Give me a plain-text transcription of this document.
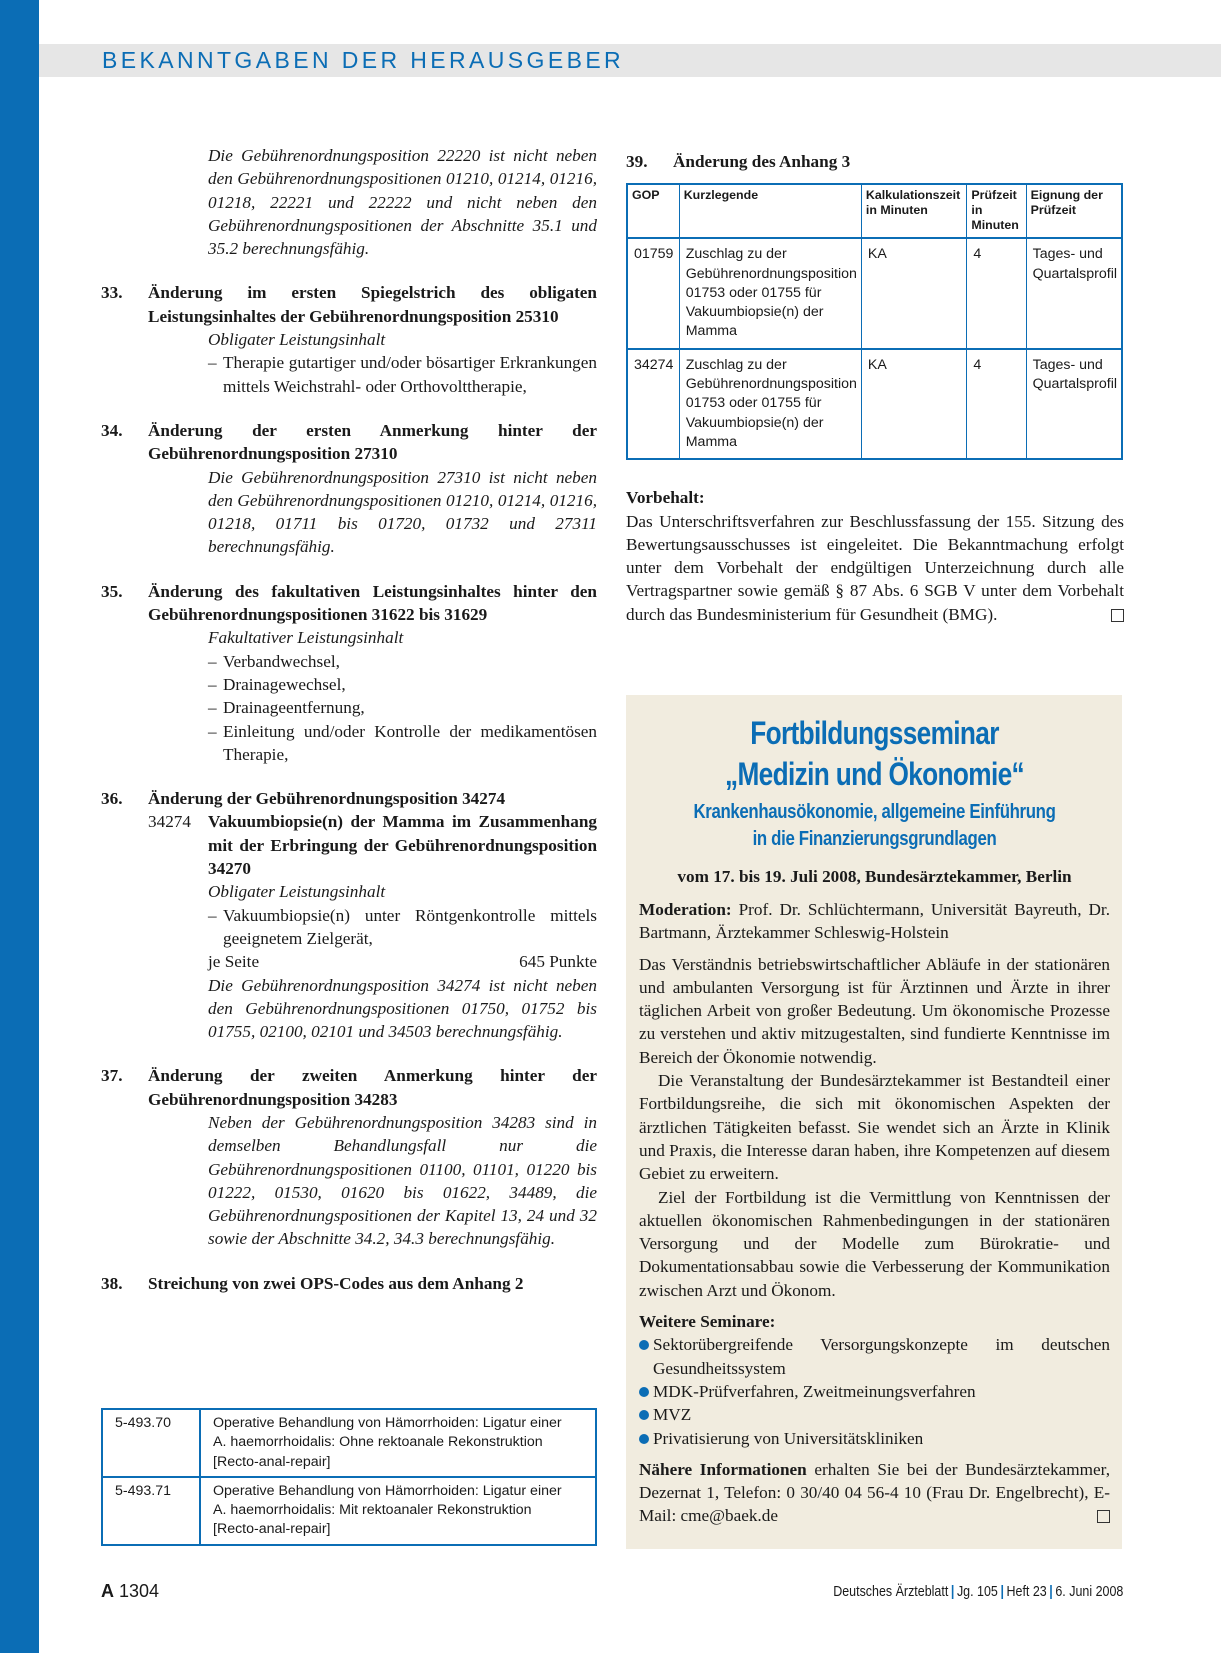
BEKANNTGABEN DER HERAUSGEBER
Die Gebührenordnungsposition 22220 ist nicht neben den Gebührenordnungspositionen 01210, 01214, 01216, 01218, 22221 und 22222 und nicht neben den Gebührenordnungspositionen der Abschnitte 35.1 und 35.2 berechnungsfähig.
33. Änderung im ersten Spiegelstrich des obligaten Leistungsinhaltes der Gebührenordnungsposition 25310
Obligater Leistungsinhalt
– Therapie gutartiger und/oder bösartiger Erkrankungen mittels Weichstrahl- oder Orthovolttherapie,
34. Änderung der ersten Anmerkung hinter der Gebührenordnungsposition 27310
Die Gebührenordnungsposition 27310 ist nicht neben den Gebührenordnungspositionen 01210, 01214, 01216, 01218, 01711 bis 01720, 01732 und 27311 berechnungsfähig.
35. Änderung des fakultativen Leistungsinhaltes hinter den Gebührenordnungspositionen 31622 bis 31629
Fakultativer Leistungsinhalt
– Verbandwechsel,
– Drainagewechsel,
– Drainageentfernung,
– Einleitung und/oder Kontrolle der medikamentösen Therapie,
36. Änderung der Gebührenordnungsposition 34274
34274 Vakuumbiopsie(n) der Mamma im Zusammenhang mit der Erbringung der Gebührenordnungsposition 34270
Obligater Leistungsinhalt
– Vakuumbiopsie(n) unter Röntgenkontrolle mittels geeignetem Zielgerät,
je Seite	645 Punkte
Die Gebührenordnungsposition 34274 ist nicht neben den Gebührenordnungspositionen 01750, 01752 bis 01755, 02100, 02101 und 34503 berechnungsfähig.
37. Änderung der zweiten Anmerkung hinter der Gebührenordnungsposition 34283
Neben der Gebührenordnungsposition 34283 sind in demselben Behandlungsfall nur die Gebührenordnungspositionen 01100, 01101, 01220 bis 01222, 01530, 01620 bis 01622, 34489, die Gebührenordnungspositionen der Kapitel 13, 24 und 32 sowie der Abschnitte 34.2, 34.3 berechnungsfähig.
38. Streichung von zwei OPS-Codes aus dem Anhang 2
5-493.70	Operative Behandlung von Hämorrhoiden: Ligatur einer
A. haemorrhoidalis: Ohne rektoanale Rekonstruktion
[Recto-anal-repair]

5-493.71	Operative Behandlung von Hämorrhoiden: Ligatur einer
A. haemorrhoidalis: Mit rektoanaler Rekonstruktion
[Recto-anal-repair]
39. Änderung des Anhang 3
GOP	Kurzlegende	Kalkulationszeit in Minuten	Prüfzeit in Minuten	Eignung der Prüfzeit
01759	Zuschlag zu der Gebührenordnungsposition 01753 oder 01755 für Vakuumbiopsie(n) der Mamma	KA	4	Tages- und Quartalsprofil
34274	Zuschlag zu der Gebührenordnungsposition 01753 oder 01755 für Vakuumbiopsie(n) der Mamma	KA	4	Tages- und Quartalsprofil
Vorbehalt:
Das Unterschriftsverfahren zur Beschlussfassung der 155. Sitzung des Bewertungsausschusses ist eingeleitet. Die Bekanntmachung erfolgt unter dem Vorbehalt der endgültigen Unterzeichnung durch alle Vertragspartner sowie gemäß § 87 Abs. 6 SGB V unter dem Vorbehalt durch das Bundesministerium für Gesundheit (BMG).
Fortbildungsseminar
„Medizin und Ökonomie“
Krankenhausökonomie, allgemeine Einführung
in die Finanzierungsgrundlagen
vom 17. bis 19. Juli 2008, Bundesärztekammer, Berlin
Moderation: Prof. Dr. Schlüchtermann, Universität Bayreuth, Dr. Bartmann, Ärztekammer Schleswig-Holstein
Das Verständnis betriebswirtschaftlicher Abläufe in der stationären und ambulanten Versorgung ist für Ärztinnen und Ärzte in ihrer täglichen Arbeit von großer Bedeutung. Um ökonomische Prozesse zu verstehen und aktiv mitzugestalten, sind fundierte Kenntnisse im Bereich der Ökonomie notwendig.
Die Veranstaltung der Bundesärztekammer ist Bestandteil einer Fortbildungsreihe, die sich mit ökonomischen Aspekten der ärztlichen Tätigkeiten befasst. Sie wendet sich an Ärzte in Klinik und Praxis, die Interesse daran haben, ihre Kompetenzen auf diesem Gebiet zu erweitern.
Ziel der Fortbildung ist die Vermittlung von Kenntnissen der aktuellen ökonomischen Rahmenbedingungen in der stationären Versorgung und der Modelle zum Bürokratie- und Dokumentationsabbau sowie die Verbesserung der Kommunikation zwischen Arzt und Ökonom.
Weitere Seminare:
Sektorübergreifende Versorgungskonzepte im deutschen Gesundheitssystem
MDK-Prüfverfahren, Zweitmeinungsverfahren
MVZ
Privatisierung von Universitätskliniken
Nähere Informationen erhalten Sie bei der Bundesärztekammer, Dezernat 1, Telefon: 0 30/40 04 56-4 10 (Frau Dr. Engelbrecht), E-Mail: cme@baek.de
A 1304	Deutsches Ärzteblatt | Jg. 105 | Heft 23 | 6. Juni 2008
